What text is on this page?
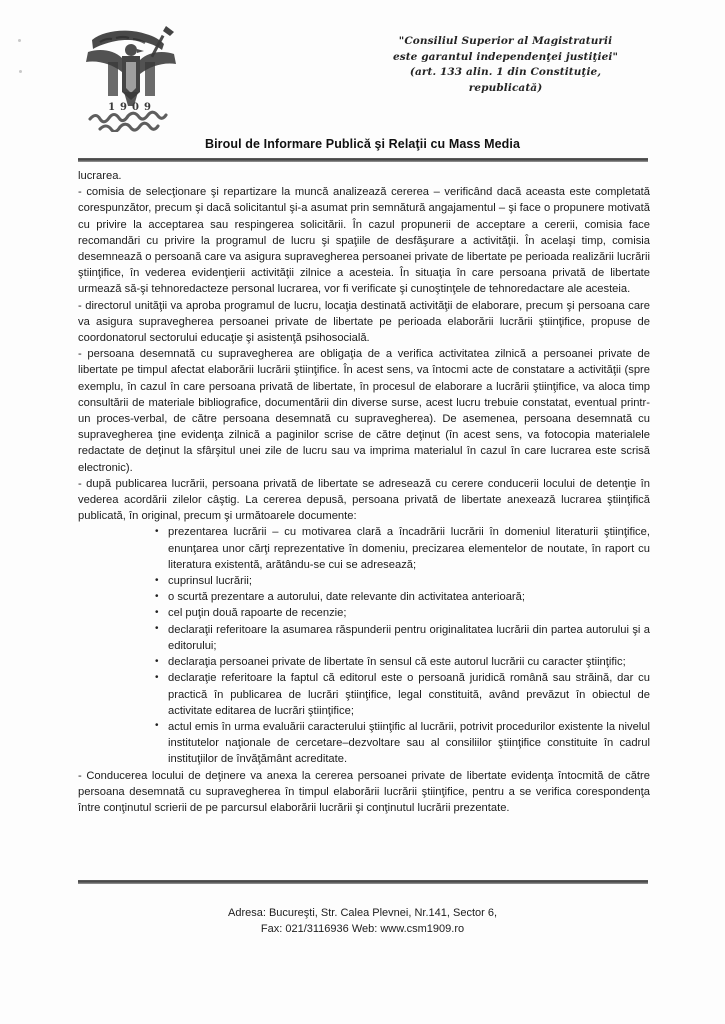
1909
"Consiliul Superior al Magistraturii
este garantul independenţei justiţiei"
(art. 133 alin. 1 din Constituţie,
republicată)
Biroul de Informare Publică şi Relaţii cu Mass Media

lucrarea.

- comisia de selecţionare şi repartizare la muncă analizează cererea – verificând dacă aceasta este completată corespunzător, precum şi dacă solicitantul şi-a asumat prin semnătură angajamentul – şi face o propunere motivată cu privire la acceptarea sau respingerea solicitării. În cazul propunerii de acceptare a cererii, comisia face recomandări cu privire la programul de lucru şi spaţiile de desfăşurare a activităţii. În acelaşi timp, comisia desemnează o persoană care va asigura supravegherea persoanei private de libertate pe perioada realizării lucrării ştiinţifice, în vederea evidenţierii activităţii zilnice a acesteia. În situaţia în care persoana privată de libertate urmează să-şi tehnoredacteze personal lucrarea, vor fi verificate şi cunoştinţele de tehnoredactare ale acesteia.

- directorul unităţii va aproba programul de lucru, locaţia destinată activităţii de elaborare, precum şi persoana care va asigura supravegherea persoanei private de libertate pe perioada elaborării lucrării ştiinţifice, propuse de coordonatorul sectorului educaţie şi asistenţă psihosocială.

- persoana desemnată cu supravegherea are obligaţia de a verifica activitatea zilnică a persoanei private de libertate pe timpul afectat elaborării lucrării ştiinţifice. În acest sens, va întocmi acte de constatare a activităţii (spre exemplu, în cazul în care persoana privată de libertate, în procesul de elaborare a lucrării ştiinţifice, va aloca timp consultării de materiale bibliografice, documentării din diverse surse, acest lucru trebuie constatat, eventual printr-un proces-verbal, de către persoana desemnată cu supravegherea). De asemenea, persoana desemnată cu supravegherea ţine evidenţa zilnică a paginilor scrise de către deţinut (în acest sens, va fotocopia materialele redactate de deţinut la sfârşitul unei zile de lucru sau va imprima materialul în cazul în care lucrarea este scrisă electronic).

- după publicarea lucrării, persoana privată de libertate se adresează cu cerere conducerii locului de detenţie în vederea acordării zilelor câştig. La cererea depusă, persoana privată de libertate anexează lucrarea ştiinţifică publicată, în original, precum şi următoarele documente:

• prezentarea lucrării – cu motivarea clară a încadrării lucrării în domeniul literaturii ştiinţifice, enunţarea unor cărţi reprezentative în domeniu, precizarea elementelor de noutate, în raport cu literatura existentă, arătându-se cui se adresează;
• cuprinsul lucrării;
• o scurtă prezentare a autorului, date relevante din activitatea anterioară;
• cel puţin două rapoarte de recenzie;
• declaraţii referitoare la asumarea răspunderii pentru originalitatea lucrării din partea autorului şi a editorului;
• declaraţia persoanei private de libertate în sensul că este autorul lucrării cu caracter ştiinţific;
• declaraţie referitoare la faptul că editorul este o persoană juridică română sau străină, dar cu practică în publicarea de lucrări ştiinţifice, legal constituită, având prevăzut în obiectul de activitate editarea de lucrări ştiinţifice;
• actul emis în urma evaluării caracterului ştiinţific al lucrării, potrivit procedurilor existente la nivelul institutelor naţionale de cercetare–dezvoltare sau al consiliilor ştiinţifice constituite în cadrul instituţiilor de învăţământ acreditate.

- Conducerea locului de deţinere va anexa la cererea persoanei private de libertate evidenţa întocmită de către persoana desemnată cu supravegherea în timpul elaborării lucrării ştiinţifice, pentru a se verifica corespondenţa între conţinutul scrierii de pe parcursul elaborării lucrării şi conţinutul lucrării prezentate.

Adresa: Bucureşti, Str. Calea Plevnei, Nr.141, Sector 6,
Fax: 021/3116936 Web: www.csm1909.ro
